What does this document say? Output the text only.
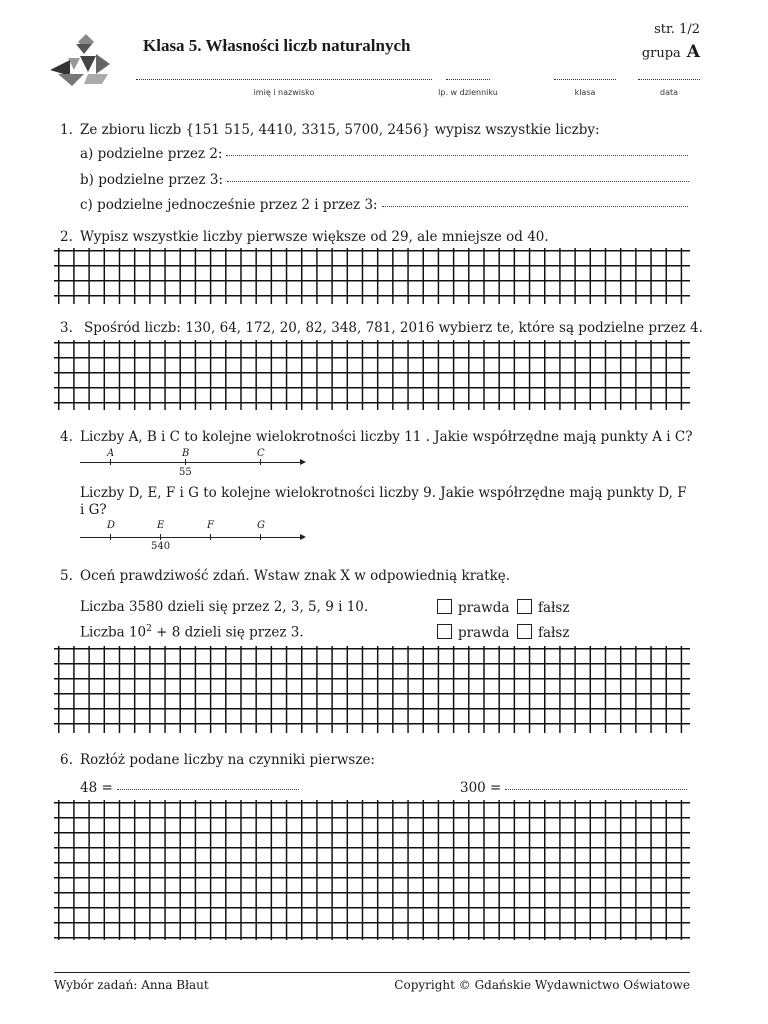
Klasa 5. Własności liczb naturalnych
str. 1/2
grupa A
imię i nazwisko	lp. w dzienniku	klasa	data
1. Ze zbioru liczb {151 515, 4410, 3315, 5700, 2456} wypisz wszystkie liczby:
a) podzielne przez 2:
b) podzielne przez 3:
c) podzielne jednocześnie przez 2 i przez 3:
2. Wypisz wszystkie liczby pierwsze większe od 29, ale mniejsze od 40.
3. Spośród liczb: 130, 64, 172, 20, 82, 348, 781, 2016 wybierz te, które są podzielne przez 4.
4. Liczby A, B i C to kolejne wielokrotności liczby 11 . Jakie współrzędne mają punkty A i C?
A	B	C
55
Liczby D, E, F i G to kolejne wielokrotności liczby 9. Jakie współrzędne mają punkty D, F
i G?
D	E	F	G
540
5. Oceń prawdziwość zdań. Wstaw znak X w odpowiednią kratkę.
Liczba 3580 dzieli się przez 2, 3, 5, 9 i 10.	prawda	fałsz
Liczba $10^2 + 8$ dzieli się przez 3.	prawda	fałsz
6. Rozłóż podane liczby na czynniki pierwsze:
48 =	300 =
Wybór zadań: Anna Błaut	Copyright © Gdańskie Wydawnictwo Oświatowe
